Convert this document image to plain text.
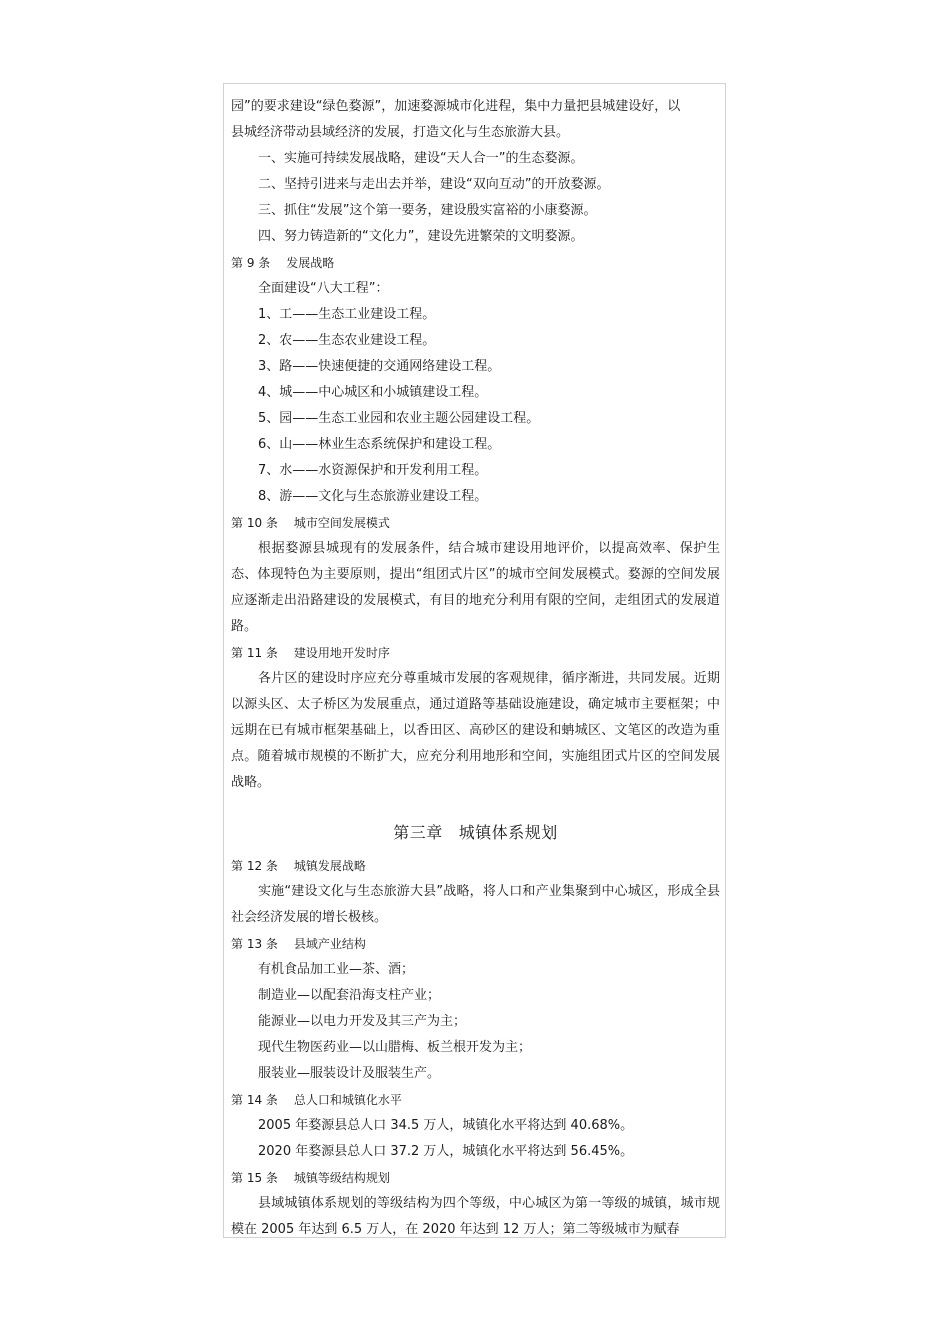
园”的要求建设“绿色婺源”，加速婺源城市化进程，集中力量把县城建设好，以
县城经济带动县域经济的发展，打造文化与生态旅游大县。
一、实施可持续发展战略，建设“天人合一”的生态婺源。
二、坚持引进来与走出去并举，建设“双向互动”的开放婺源。
三、抓住“发展”这个第一要务，建设殷实富裕的小康婺源。
四、努力铸造新的“文化力”，建设先进繁荣的文明婺源。
第 9 条 发展战略
全面建设“八大工程”：
1、工——生态工业建设工程。
2、农——生态农业建设工程。
3、路——快速便捷的交通网络建设工程。
4、城——中心城区和小城镇建设工程。
5、园——生态工业园和农业主题公园建设工程。
6、山——林业生态系统保护和建设工程。
7、水——水资源保护和开发利用工程。
8、游——文化与生态旅游业建设工程。
第 10 条 城市空间发展模式

根据婺源县城现有的发展条件，结合城市建设用地评价，以提高效率、保护生态、体现特色为主要原则，提出“组团式片区”的城市空间发展模式。婺源的空间发展应逐渐走出沿路建设的发展模式，有目的地充分利用有限的空间，走组团式的发展道路。

第 11 条 建设用地开发时序

各片区的建设时序应充分尊重城市发展的客观规律，循序渐进，共同发展。近期以源头区、太子桥区为发展重点，通过道路等基础设施建设，确定城市主要框架；中远期在已有城市框架基础上，以香田区、高砂区的建设和蚺城区、文笔区的改造为重点。随着城市规模的不断扩大，应充分利用地形和空间，实施组团式片区的空间发展战略。

第三章 城镇体系规划
第 12 条 城镇发展战略

实施“建设文化与生态旅游大县”战略，将人口和产业集聚到中心城区，形成全县社会经济发展的增长极核。

第 13 条 县域产业结构
有机食品加工业—茶、酒；
制造业—以配套沿海支柱产业；
能源业—以电力开发及其三产为主；
现代生物医药业—以山腊梅、板兰根开发为主；
服装业—服装设计及服装生产。
第 14 条 总人口和城镇化水平
2005 年婺源县总人口 34.5 万人，城镇化水平将达到 40.68%。
2020 年婺源县总人口 37.2 万人，城镇化水平将达到 56.45%。
第 15 条 城镇等级结构规划

县域城镇体系规划的等级结构为四个等级，中心城区为第一等级的城镇，城市规模在 2005 年达到 6.5 万人，在 2020 年达到 12 万人；第二等级城市为赋春
